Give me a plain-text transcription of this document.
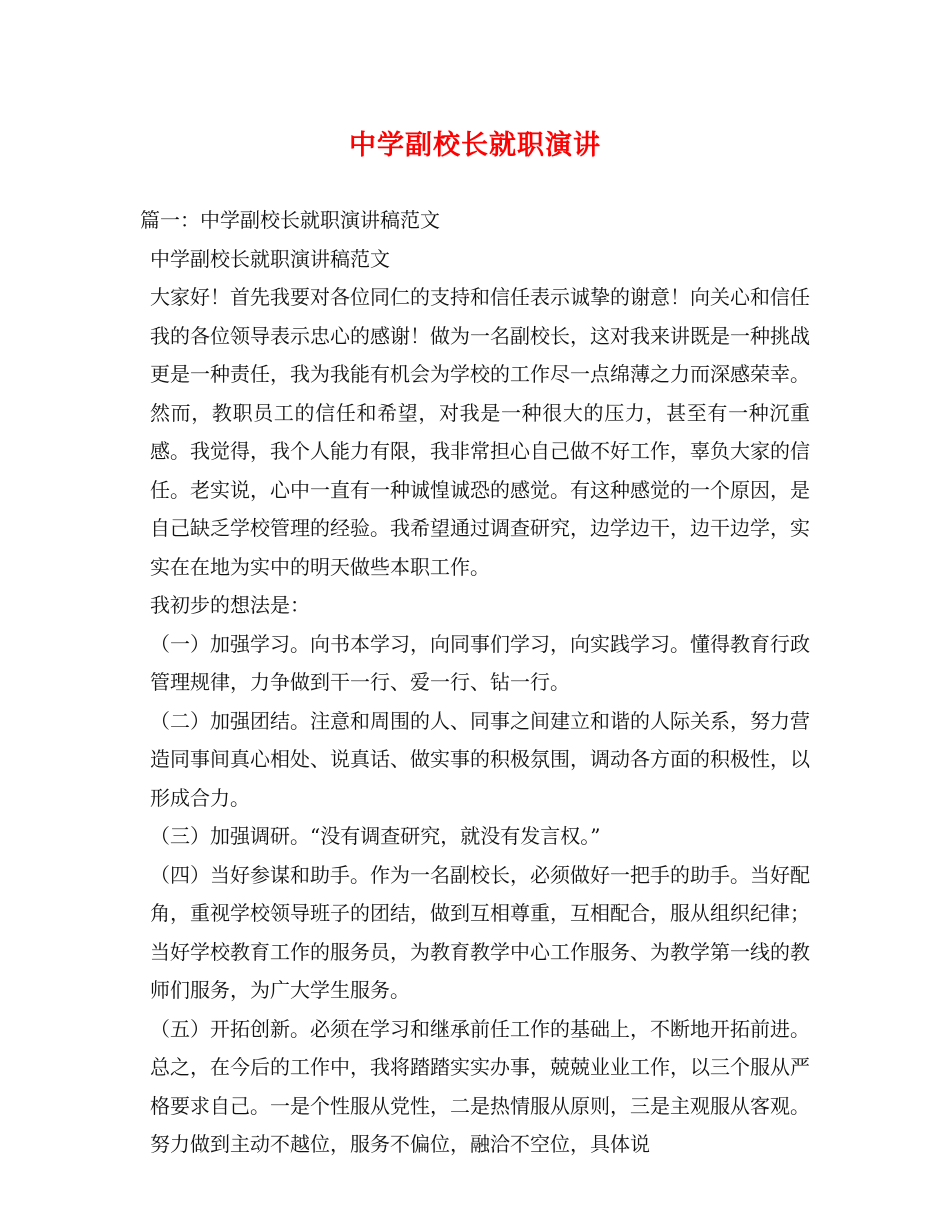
中学副校长就职演讲

篇一：中学副校长就职演讲稿范文

中学副校长就职演讲稿范文

大家好！首先我要对各位同仁的支持和信任表示诚挚的谢意！向关心和信任我的各位领导表示忠心的感谢！做为一名副校长，这对我来讲既是一种挑战更是一种责任，我为我能有机会为学校的工作尽一点绵薄之力而深感荣幸。然而，教职员工的信任和希望，对我是一种很大的压力，甚至有一种沉重感。我觉得，我个人能力有限，我非常担心自己做不好工作，辜负大家的信任。老实说，心中一直有一种诚惶诚恐的感觉。有这种感觉的一个原因，是自己缺乏学校管理的经验。我希望通过调查研究，边学边干，边干边学，实实在在地为实中的明天做些本职工作。

我初步的想法是：

（一）加强学习。向书本学习，向同事们学习，向实践学习。懂得教育行政管理规律，力争做到干一行、爱一行、钻一行。

（二）加强团结。注意和周围的人、同事之间建立和谐的人际关系，努力营造同事间真心相处、说真话、做实事的积极氛围，调动各方面的积极性，以形成合力。

（三）加强调研。“没有调查研究，就没有发言权。”

（四）当好参谋和助手。作为一名副校长，必须做好一把手的助手。当好配角，重视学校领导班子的团结，做到互相尊重，互相配合，服从组织纪律；当好学校教育工作的服务员，为教育教学中心工作服务、为教学第一线的教师们服务，为广大学生服务。

（五）开拓创新。必须在学习和继承前任工作的基础上，不断地开拓前进。总之，在今后的工作中，我将踏踏实实办事，兢兢业业工作，以三个服从严格要求自己。一是个性服从党性，二是热情服从原则，三是主观服从客观。努力做到主动不越位，服务不偏位，融洽不空位，具体说
